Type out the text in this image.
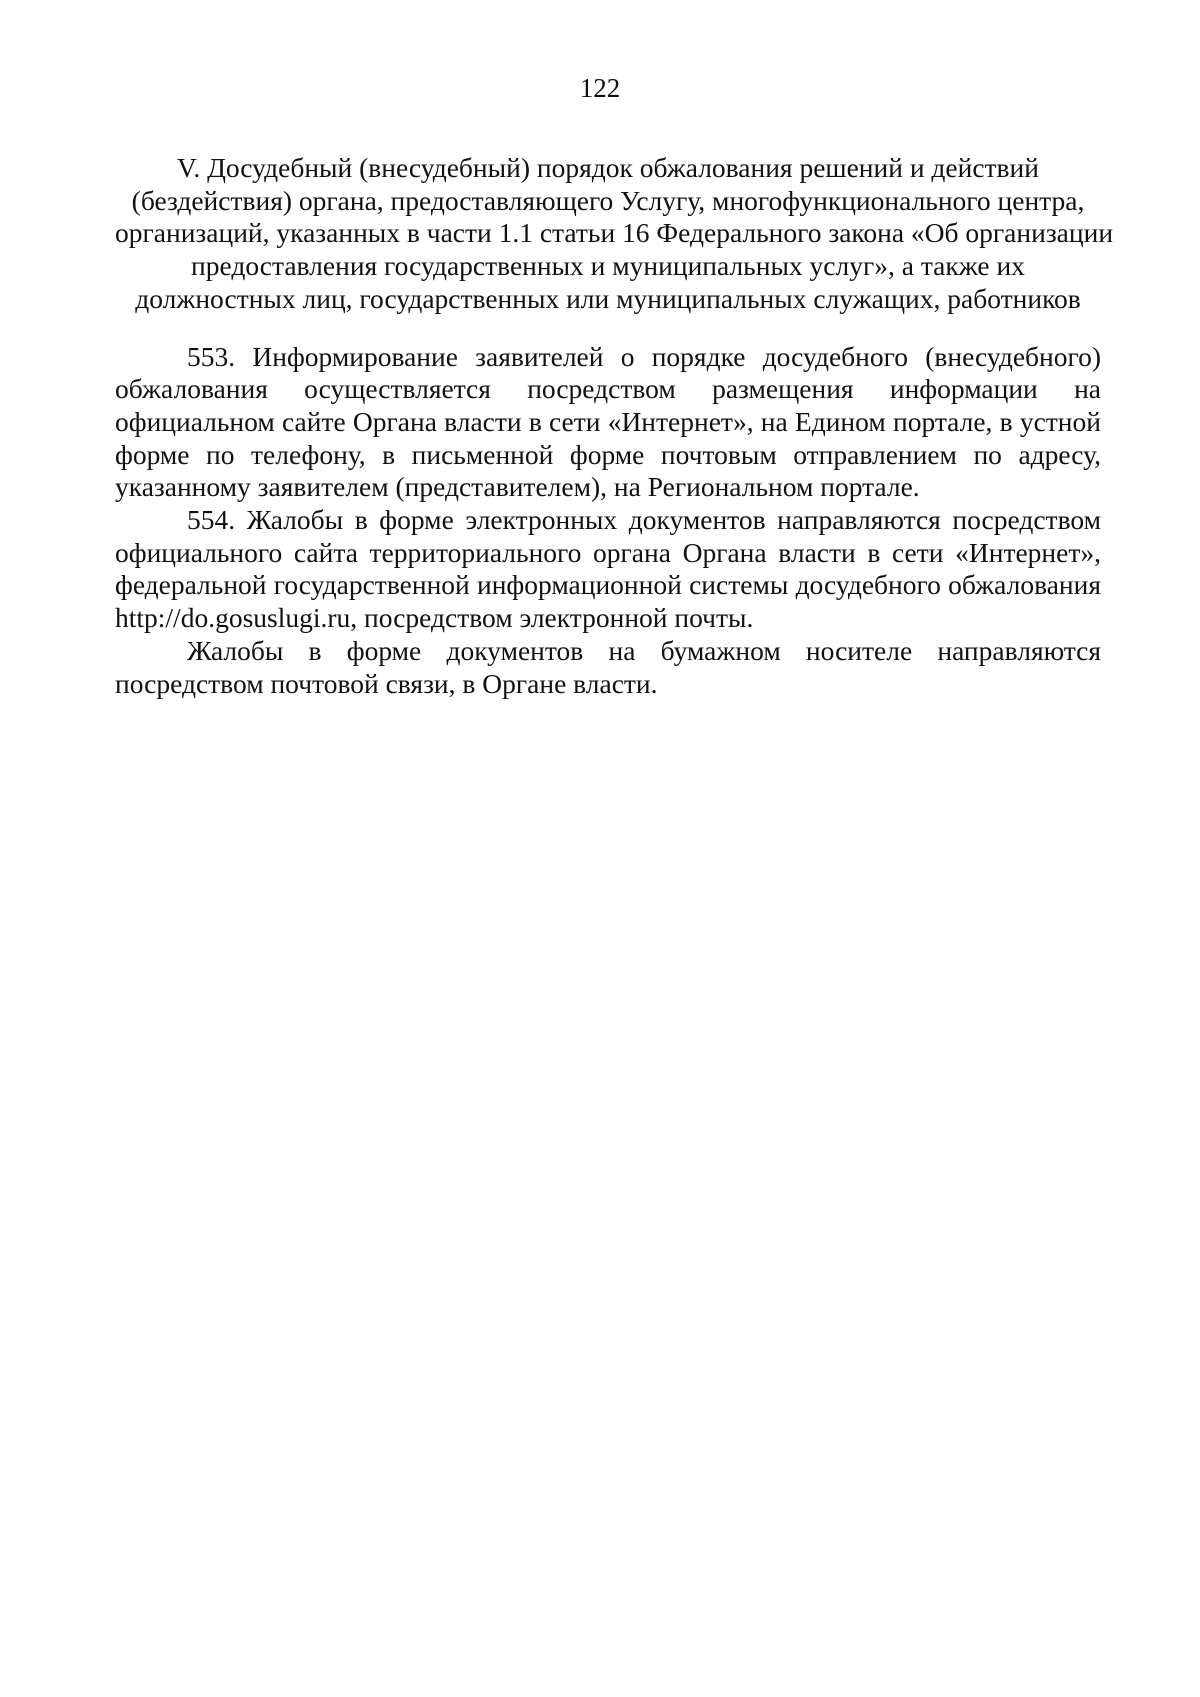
122
V. Досудебный (внесудебный) порядок обжалования решений и действий
(бездействия) органа, предоставляющего Услугу, многофункционального центра,
организаций, указанных в части 1.1 статьи 16 Федерального закона «Об организации
предоставления государственных и муниципальных услуг», а также их
должностных лиц, государственных или муниципальных служащих, работников

553. Информирование заявителей о порядке досудебного (внесудебного) обжалования осуществляется посредством размещения информации на официальном сайте Органа власти в сети «Интернет», на Едином портале, в устной форме по телефону, в письменной форме почтовым отправлением по адресу, указанному заявителем (представителем), на Региональном портале.

554. Жалобы в форме электронных документов направляются посредством официального сайта территориального органа Органа власти в сети «Интернет», федеральной государственной информационной системы досудебного обжалования http://do.gosuslugi.ru, посредством электронной почты.

Жалобы в форме документов на бумажном носителе направляются посредством почтовой связи, в Органе власти.
